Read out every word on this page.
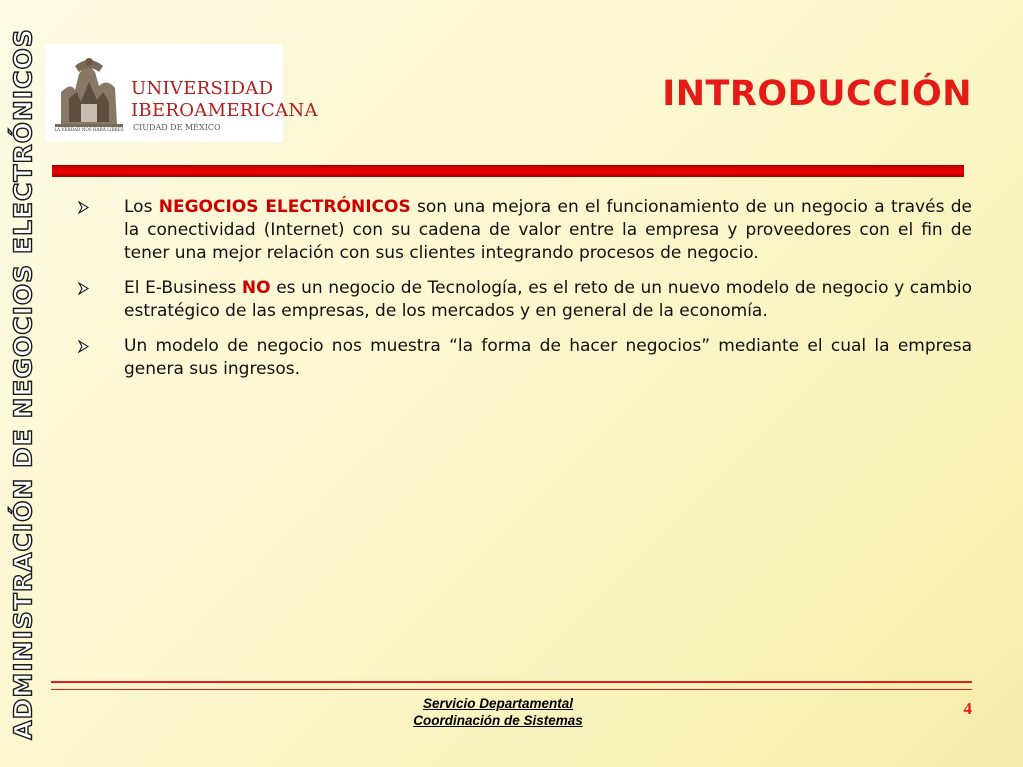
ADMINISTRACIÓN DE NEGOCIOS ELECTRÓNICOS	UNIVERSIDAD
IBEROAMERICANA
CIUDAD DE MÉXICO
LA VERDAD NOS HARÁ LIBRES
INTRODUCCIÓN
Los NEGOCIOS ELECTRÓNICOS son una mejora en el funcionamiento de un negocio a través de la conectividad (Internet) con su cadena de valor entre la empresa y proveedores con el fin de tener una mejor relación con sus clientes integrando procesos de negocio.
El E-Business NO es un negocio de Tecnología, es el reto de un nuevo modelo de negocio y cambio estratégico de las empresas, de los mercados y en general de la economía.
Un modelo de negocio nos muestra “la forma de hacer negocios” mediante el cual la empresa genera sus ingresos.
Servicio Departamental
Coordinación de Sistemas
4
